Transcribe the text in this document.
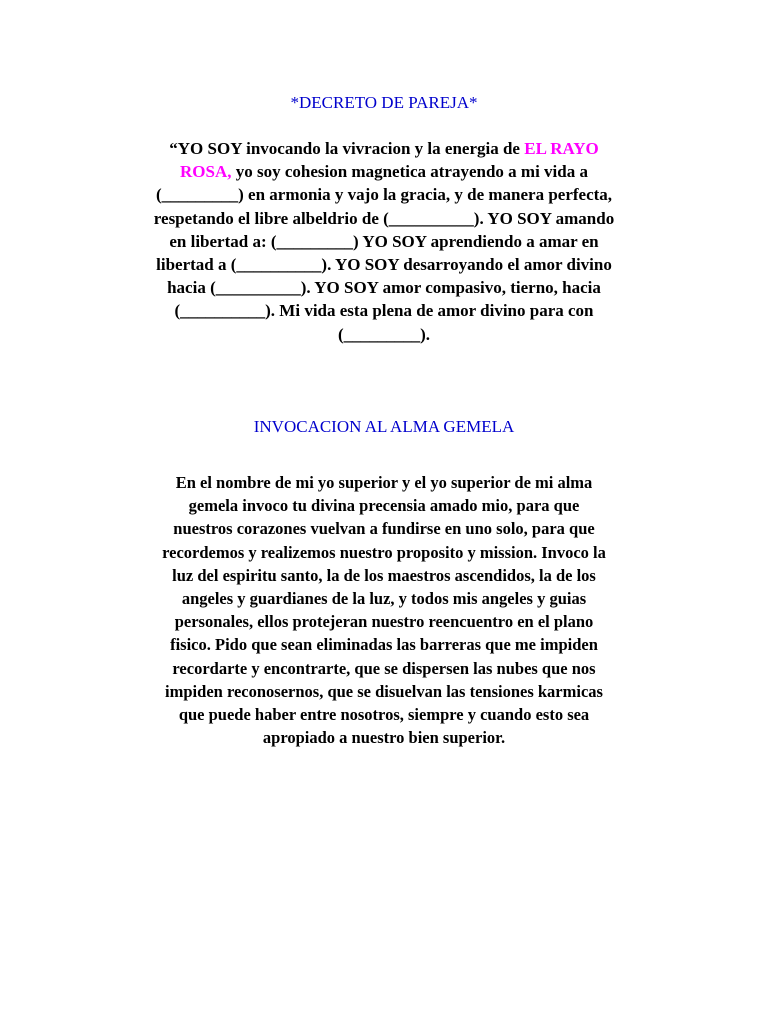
*DECRETO DE PAREJA*

“YO SOY invocando la vivracion y la energia de EL RAYO
ROSA, yo soy cohesion magnetica atrayendo a mi vida a
(_________) en armonia y vajo la gracia, y de manera perfecta,
respetando el libre albeldrio de (__________). YO SOY amando
en libertad a: (_________) YO SOY aprendiendo a amar en
libertad a (__________). YO SOY desarroyando el amor divino
hacia (__________). YO SOY amor compasivo, tierno, hacia
(__________). Mi vida esta plena de amor divino para con
(_________).

INVOCACION AL ALMA GEMELA

En el nombre de mi yo superior y el yo superior de mi alma
gemela invoco tu divina precensia amado mio, para que
nuestros corazones vuelvan a fundirse en uno solo, para que
recordemos y realizemos nuestro proposito y mission. Invoco la
luz del espiritu santo, la de los maestros ascendidos, la de los
angeles y guardianes de la luz, y todos mis angeles y guias
personales, ellos protejeran nuestro reencuentro en el plano
fisico. Pido que sean eliminadas las barreras que me impiden
recordarte y encontrarte, que se dispersen las nubes que nos
impiden reconosernos, que se disuelvan las tensiones karmicas
que puede haber entre nosotros, siempre y cuando esto sea
apropiado a nuestro bien superior.
